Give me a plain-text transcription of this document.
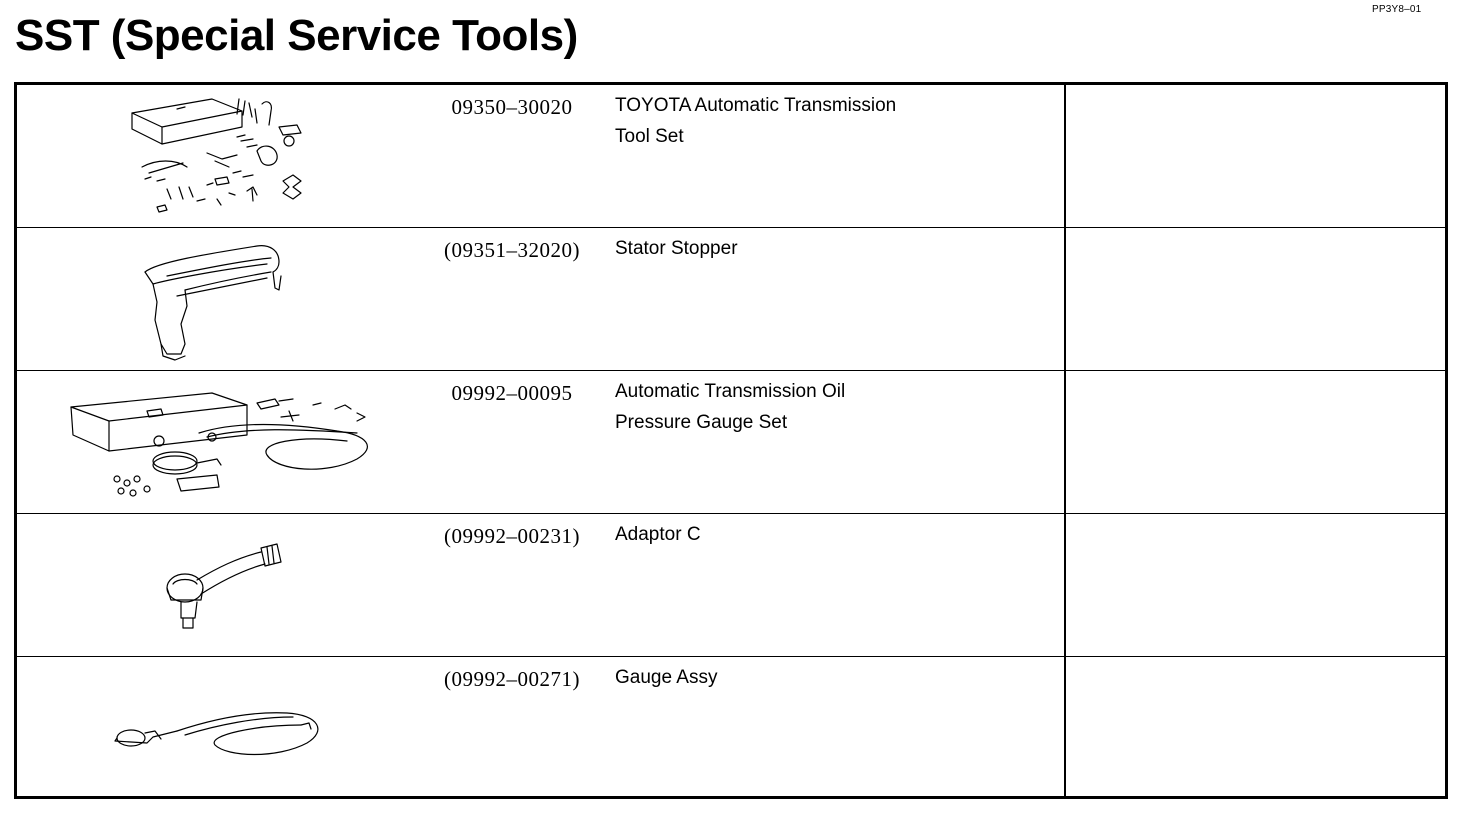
PP3Y8–01
SST (Special Service Tools)
09350–30020	TOYOTA Automatic Transmission
Tool Set
(09351–32020)	Stator Stopper
09992–00095	Automatic Transmission Oil
Pressure Gauge Set
(09992–00231)	Adaptor C
(09992–00271)	Gauge Assy
